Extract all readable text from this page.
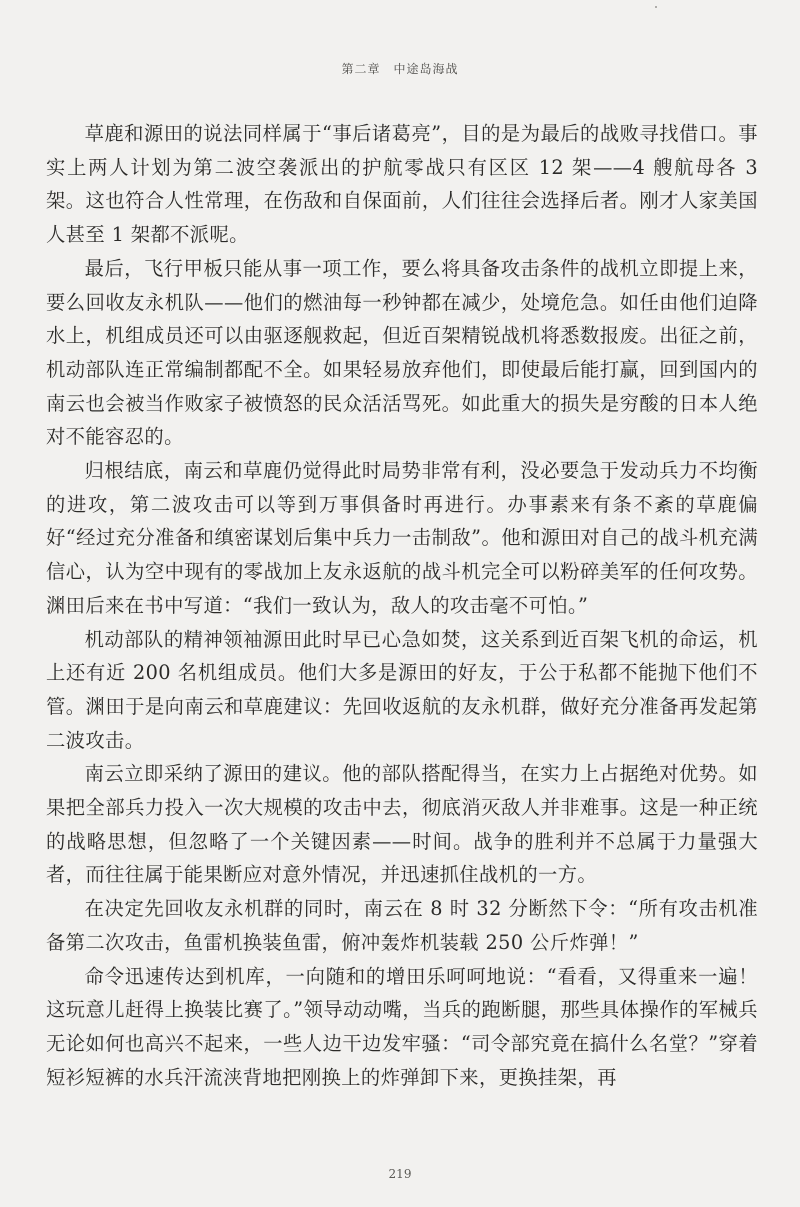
第二章  中途岛海战

草鹿和源田的说法同样属于“事后诸葛亮”，目的是为最后的战败寻找借口。事实上两人计划为第二波空袭派出的护航零战只有区区 12 架——4 艘航母各 3 架。这也符合人性常理，在伤敌和自保面前，人们往往会选择后者。刚才人家美国人甚至 1 架都不派呢。

最后，飞行甲板只能从事一项工作，要么将具备攻击条件的战机立即提上来，要么回收友永机队——他们的燃油每一秒钟都在减少，处境危急。如任由他们迫降水上，机组成员还可以由驱逐舰救起，但近百架精锐战机将悉数报废。出征之前，机动部队连正常编制都配不全。如果轻易放弃他们，即使最后能打赢，回到国内的南云也会被当作败家子被愤怒的民众活活骂死。如此重大的损失是穷酸的日本人绝对不能容忍的。

归根结底，南云和草鹿仍觉得此时局势非常有利，没必要急于发动兵力不均衡的进攻，第二波攻击可以等到万事俱备时再进行。办事素来有条不紊的草鹿偏好“经过充分准备和缜密谋划后集中兵力一击制敌”。他和源田对自己的战斗机充满信心，认为空中现有的零战加上友永返航的战斗机完全可以粉碎美军的任何攻势。渊田后来在书中写道：“我们一致认为，敌人的攻击毫不可怕。”

机动部队的精神领袖源田此时早已心急如焚，这关系到近百架飞机的命运，机上还有近 200 名机组成员。他们大多是源田的好友，于公于私都不能抛下他们不管。渊田于是向南云和草鹿建议：先回收返航的友永机群，做好充分准备再发起第二波攻击。

南云立即采纳了源田的建议。他的部队搭配得当，在实力上占据绝对优势。如果把全部兵力投入一次大规模的攻击中去，彻底消灭敌人并非难事。这是一种正统的战略思想，但忽略了一个关键因素——时间。战争的胜利并不总属于力量强大者，而往往属于能果断应对意外情况，并迅速抓住战机的一方。

在决定先回收友永机群的同时，南云在 8 时 32 分断然下令：“所有攻击机准备第二次攻击，鱼雷机换装鱼雷，俯冲轰炸机装载 250 公斤炸弹！”

命令迅速传达到机库，一向随和的增田乐呵呵地说：“看看，又得重来一遍！这玩意儿赶得上换装比赛了。”领导动动嘴，当兵的跑断腿，那些具体操作的军械兵无论如何也高兴不起来，一些人边干边发牢骚：“司令部究竟在搞什么名堂？”穿着短衫短裤的水兵汗流浃背地把刚换上的炸弹卸下来，更换挂架，再

219
